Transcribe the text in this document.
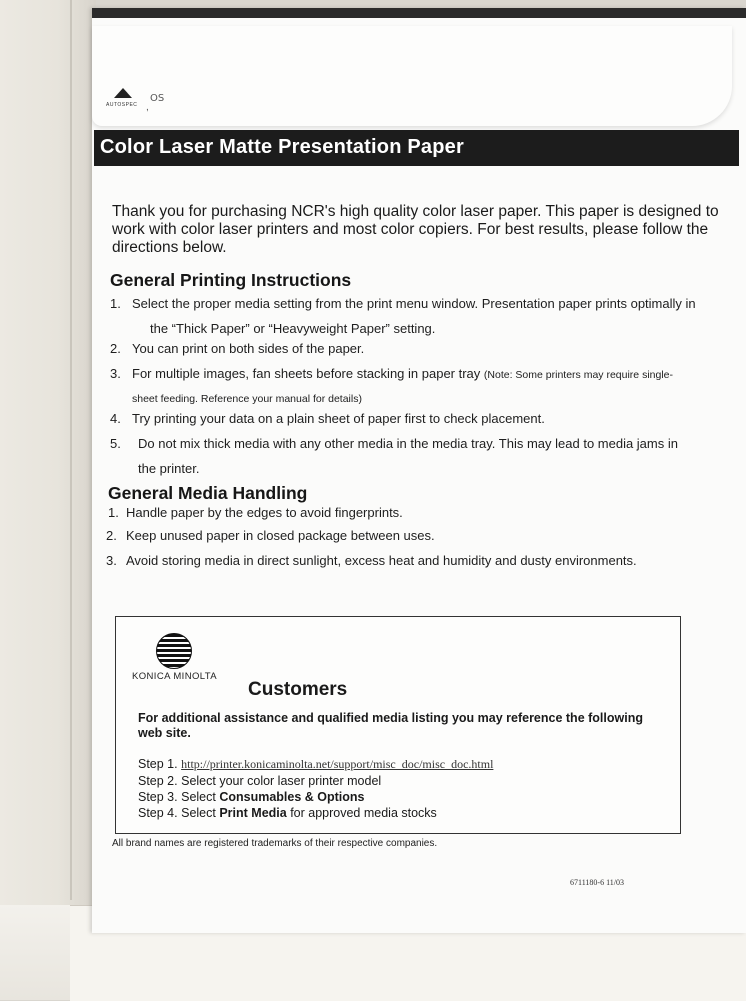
AUTOSPEC ,
OS
Color Laser Matte Presentation Paper
Thank you for purchasing NCR's high quality color laser paper. This paper is designed to work with color laser printers and most color copiers. For best results, please follow the directions below.
General Printing Instructions
1. Select the proper media setting from the print menu window. Presentation paper prints optimally in
the “Thick Paper” or “Heavyweight Paper” setting.
2. You can print on both sides of the paper.
3. For multiple images, fan sheets before stacking in paper tray (Note: Some printers may require single-
sheet feeding. Reference your manual for details)
4. Try printing your data on a plain sheet of paper first to check placement.
5. Do not mix thick media with any other media in the media tray. This may lead to media jams in
the printer.
General Media Handling
1. Handle paper by the edges to avoid fingerprints.
2. Keep unused paper in closed package between uses.
3. Avoid storing media in direct sunlight, excess heat and humidity and dusty environments.
KONICA MINOLTA
Customers
For additional assistance and qualified media listing you may reference the following web site.
Step 1. http://printer.konicaminolta.net/support/misc_doc/misc_doc.html
Step 2. Select your color laser printer model
Step 3. Select Consumables & Options
Step 4. Select Print Media for approved media stocks
All brand names are registered trademarks of their respective companies.
6711180-6 11/03
